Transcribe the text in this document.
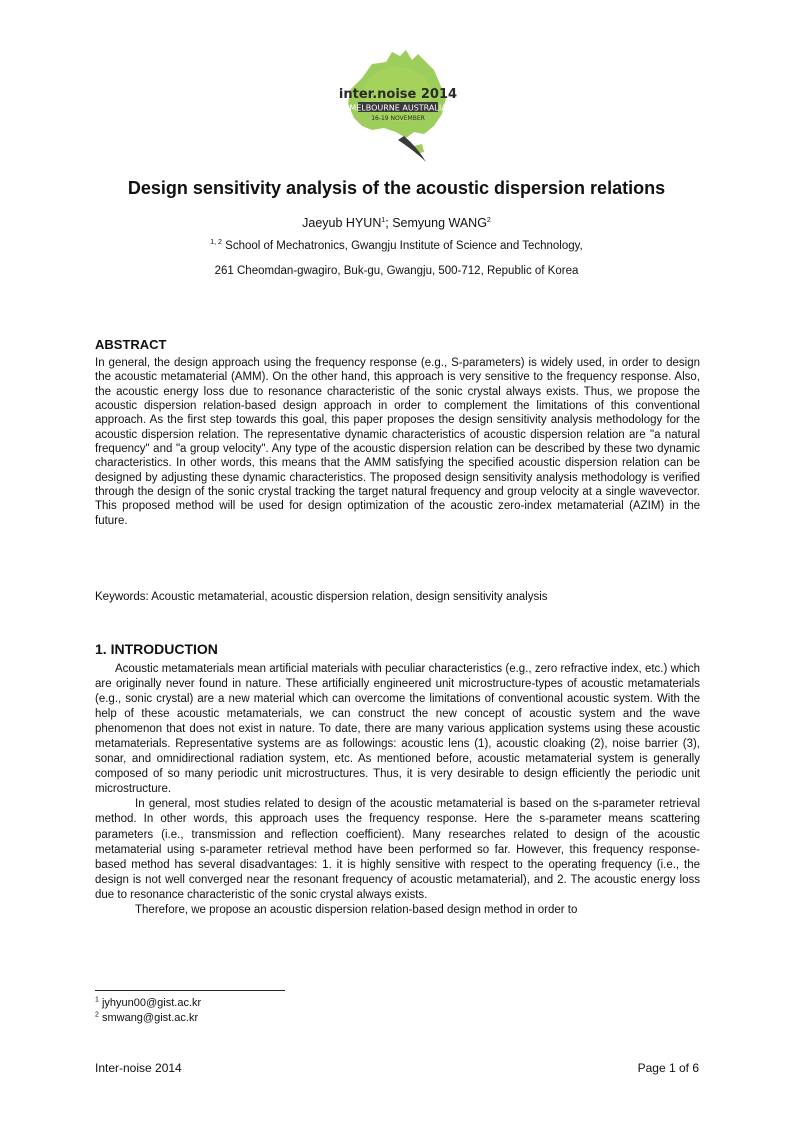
inter.noise 2014
MELBOURNE AUSTRALIA
16-19 NOVEMBER
Design sensitivity analysis of the acoustic dispersion relations
Jaeyub HYUN$^1$; Semyung WANG$^2$
$^{1, 2}$ School of Mechatronics, Gwangju Institute of Science and Technology,
261 Cheomdan-gwagiro, Buk-gu, Gwangju, 500-712, Republic of Korea
ABSTRACT

In general, the design approach using the frequency response (e.g., S-parameters) is widely used, in order to design the acoustic metamaterial (AMM). On the other hand, this approach is very sensitive to the frequency response. Also, the acoustic energy loss due to resonance characteristic of the sonic crystal always exists. Thus, we propose the acoustic dispersion relation-based design approach in order to complement the limitations of this conventional approach. As the first step towards this goal, this paper proposes the design sensitivity analysis methodology for the acoustic dispersion relation. The representative dynamic characteristics of acoustic dispersion relation are "a natural frequency" and "a group velocity". Any type of the acoustic dispersion relation can be described by these two dynamic characteristics. In other words, this means that the AMM satisfying the specified acoustic dispersion relation can be designed by adjusting these dynamic characteristics. The proposed design sensitivity analysis methodology is verified through the design of the sonic crystal tracking the target natural frequency and group velocity at a single wavevector. This proposed method will be used for design optimization of the acoustic zero-index metamaterial (AZIM) in the future.

Keywords: Acoustic metamaterial, acoustic dispersion relation, design sensitivity analysis

1. INTRODUCTION

Acoustic metamaterials mean artificial materials with peculiar characteristics (e.g., zero refractive index, etc.) which are originally never found in nature. These artificially engineered unit microstructure-types of acoustic metamaterials (e.g., sonic crystal) are a new material which can overcome the limitations of conventional acoustic system. With the help of these acoustic metamaterials, we can construct the new concept of acoustic system and the wave phenomenon that does not exist in nature. To date, there are many various application systems using these acoustic metamaterials. Representative systems are as followings: acoustic lens (1), acoustic cloaking (2), noise barrier (3), sonar, and omnidirectional radiation system, etc. As mentioned before, acoustic metamaterial system is generally composed of so many periodic unit microstructures. Thus, it is very desirable to design efficiently the periodic unit microstructure.

In general, most studies related to design of the acoustic metamaterial is based on the s-parameter retrieval method. In other words, this approach uses the frequency response. Here the s-parameter means scattering parameters (i.e., transmission and reflection coefficient). Many researches related to design of the acoustic metamaterial using s-parameter retrieval method have been performed so far. However, this frequency response-based method has several disadvantages: 1. it is highly sensitive with respect to the operating frequency (i.e., the design is not well converged near the resonant frequency of acoustic metamaterial), and 2. The acoustic energy loss due to resonance characteristic of the sonic crystal always exists.

Therefore, we propose an acoustic dispersion relation-based design method in order to

$^1$ jyhyun00@gist.ac.kr
$^2$ smwang@gist.ac.kr
Inter-noise 2014	Page 1 of 6
